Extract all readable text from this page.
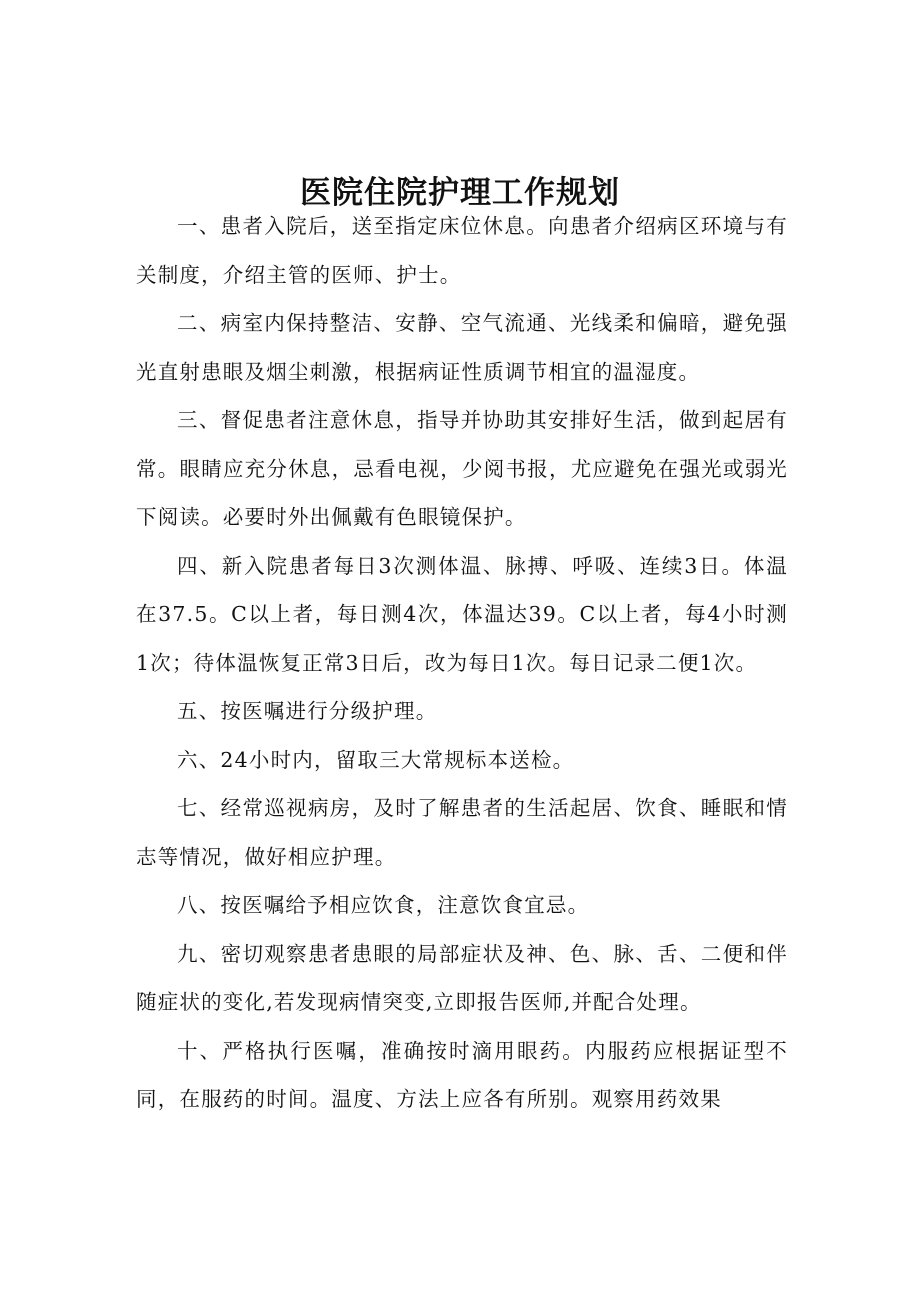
医院住院护理工作规划

一、患者入院后，送至指定床位休息。向患者介绍病区环境与有关制度，介绍主管的医师、护士。

二、病室内保持整洁、安静、空气流通、光线柔和偏暗，避免强光直射患眼及烟尘刺激，根据病证性质调节相宜的温湿度。

三、督促患者注意休息，指导并协助其安排好生活，做到起居有常。眼睛应充分休息，忌看电视，少阅书报，尤应避免在强光或弱光下阅读。必要时外出佩戴有色眼镜保护。

四、新入院患者每日3次测体温、脉搏、呼吸、连续3日。体温在37.5。C以上者，每日测4次，体温达39。C以上者，每4小时测1次；待体温恢复正常3日后，改为每日1次。每日记录二便1次。

五、按医嘱进行分级护理。

六、24小时内，留取三大常规标本送检。

七、经常巡视病房，及时了解患者的生活起居、饮食、睡眠和情志等情况，做好相应护理。

八、按医嘱给予相应饮食，注意饮食宜忌。

九、密切观察患者患眼的局部症状及神、色、脉、舌、二便和伴随症状的变化,若发现病情突变,立即报告医师,并配合处理。

十、严格执行医嘱，准确按时滴用眼药。内服药应根据证型不同，在服药的时间。温度、方法上应各有所别。观察用药效果
